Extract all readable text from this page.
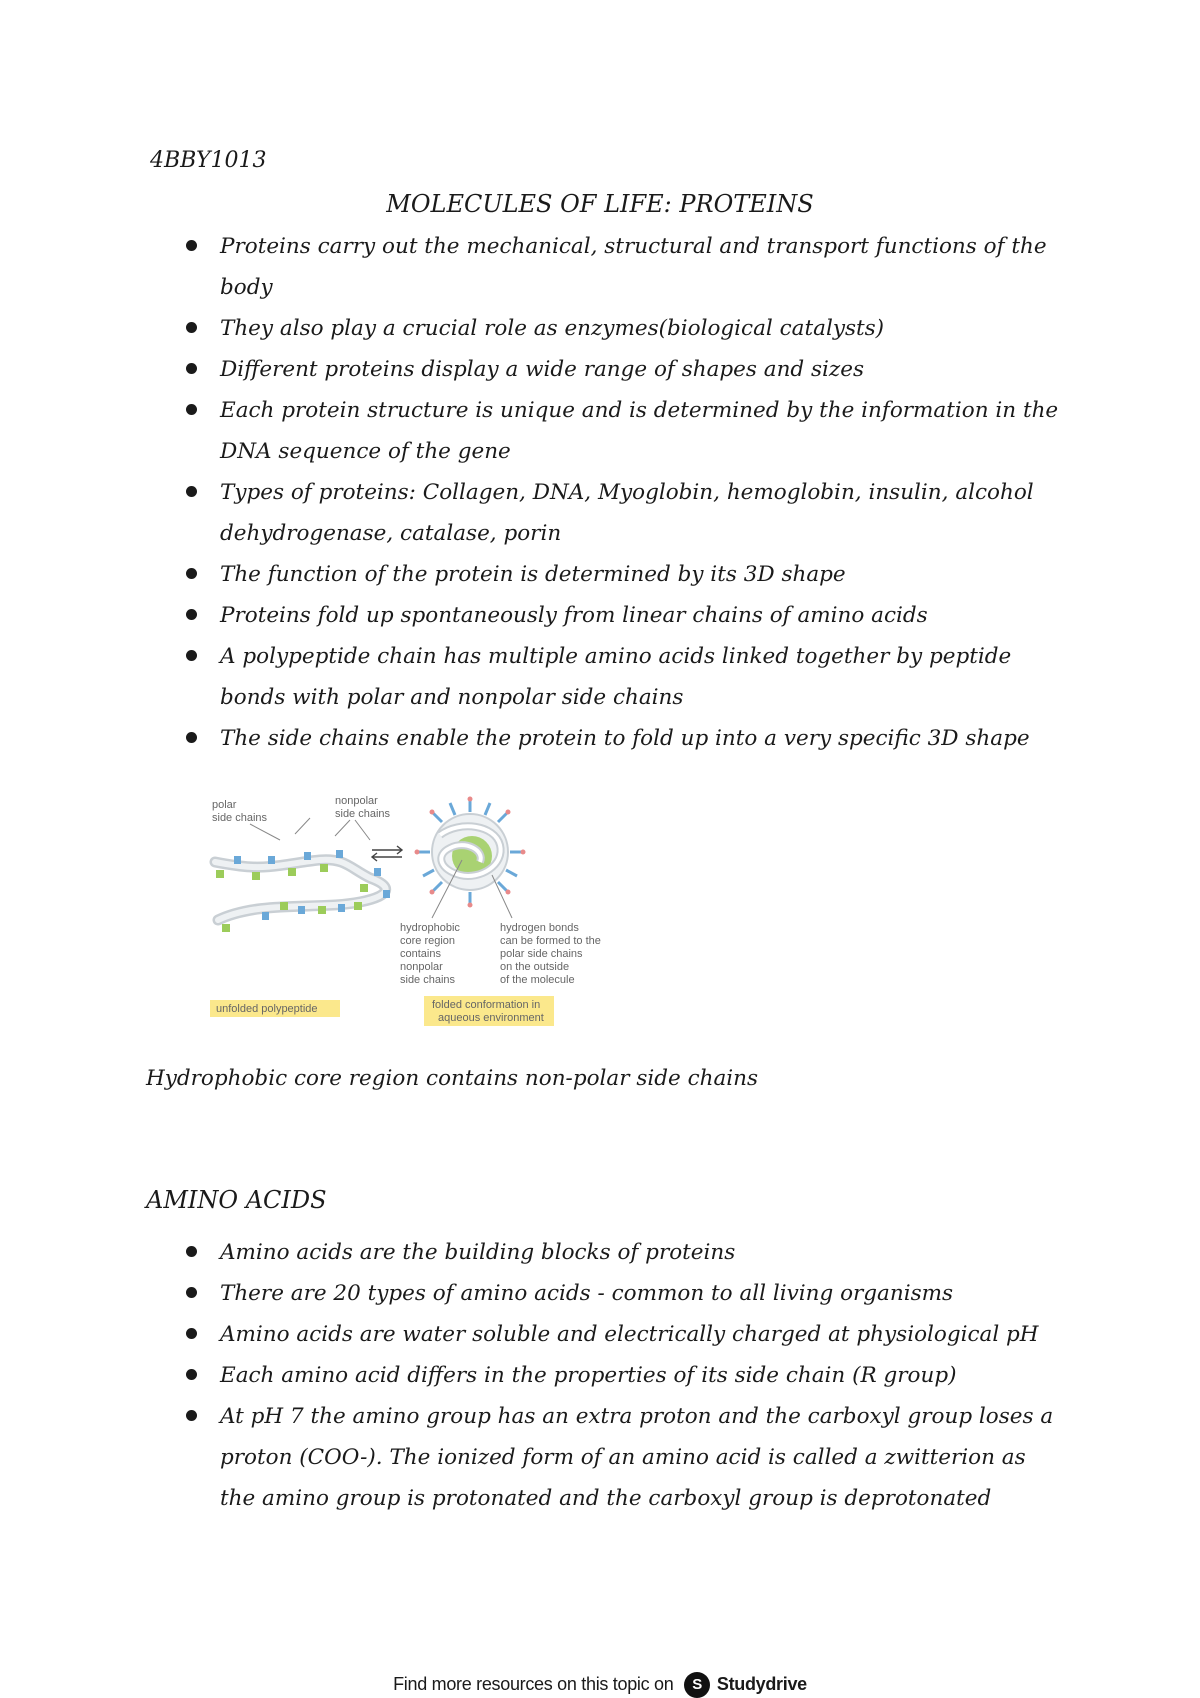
4BBY1013
MOLECULES OF LIFE: PROTEINS
Proteins carry out the mechanical, structural and transport functions of the body
They also play a crucial role as enzymes(biological catalysts)
Different proteins display a wide range of shapes and sizes
Each protein structure is unique and is determined by the information in the DNA sequence of the gene
Types of proteins: Collagen, DNA, Myoglobin, hemoglobin, insulin, alcohol dehydrogenase, catalase, porin
The function of the protein is determined by its 3D shape
Proteins fold up spontaneously from linear chains of amino acids
A polypeptide chain has multiple amino acids linked together by peptide bonds with polar and nonpolar side chains
The side chains enable the protein to fold up into a very specific 3D shape
polar
side chains
nonpolar
side chains
hydrophobic
core region
contains
nonpolar
side chains
hydrogen bonds
can be formed to the
polar side chains
on the outside
of the molecule
unfolded polypeptide	folded conformation in
aqueous environment
Hydrophobic core region contains non-polar side chains
AMINO ACIDS
Amino acids are the building blocks of proteins
There are 20 types of amino acids - common to all living organisms
Amino acids are water soluble and electrically charged at physiological pH
Each amino acid differs in the properties of its side chain (R group)
At pH 7 the amino group has an extra proton and the carboxyl group loses a proton (COO-). The ionized form of an amino acid is called a zwitterion as the amino group is protonated and the carboxyl group is deprotonated
Find more resources on this topic on S Studydrive
